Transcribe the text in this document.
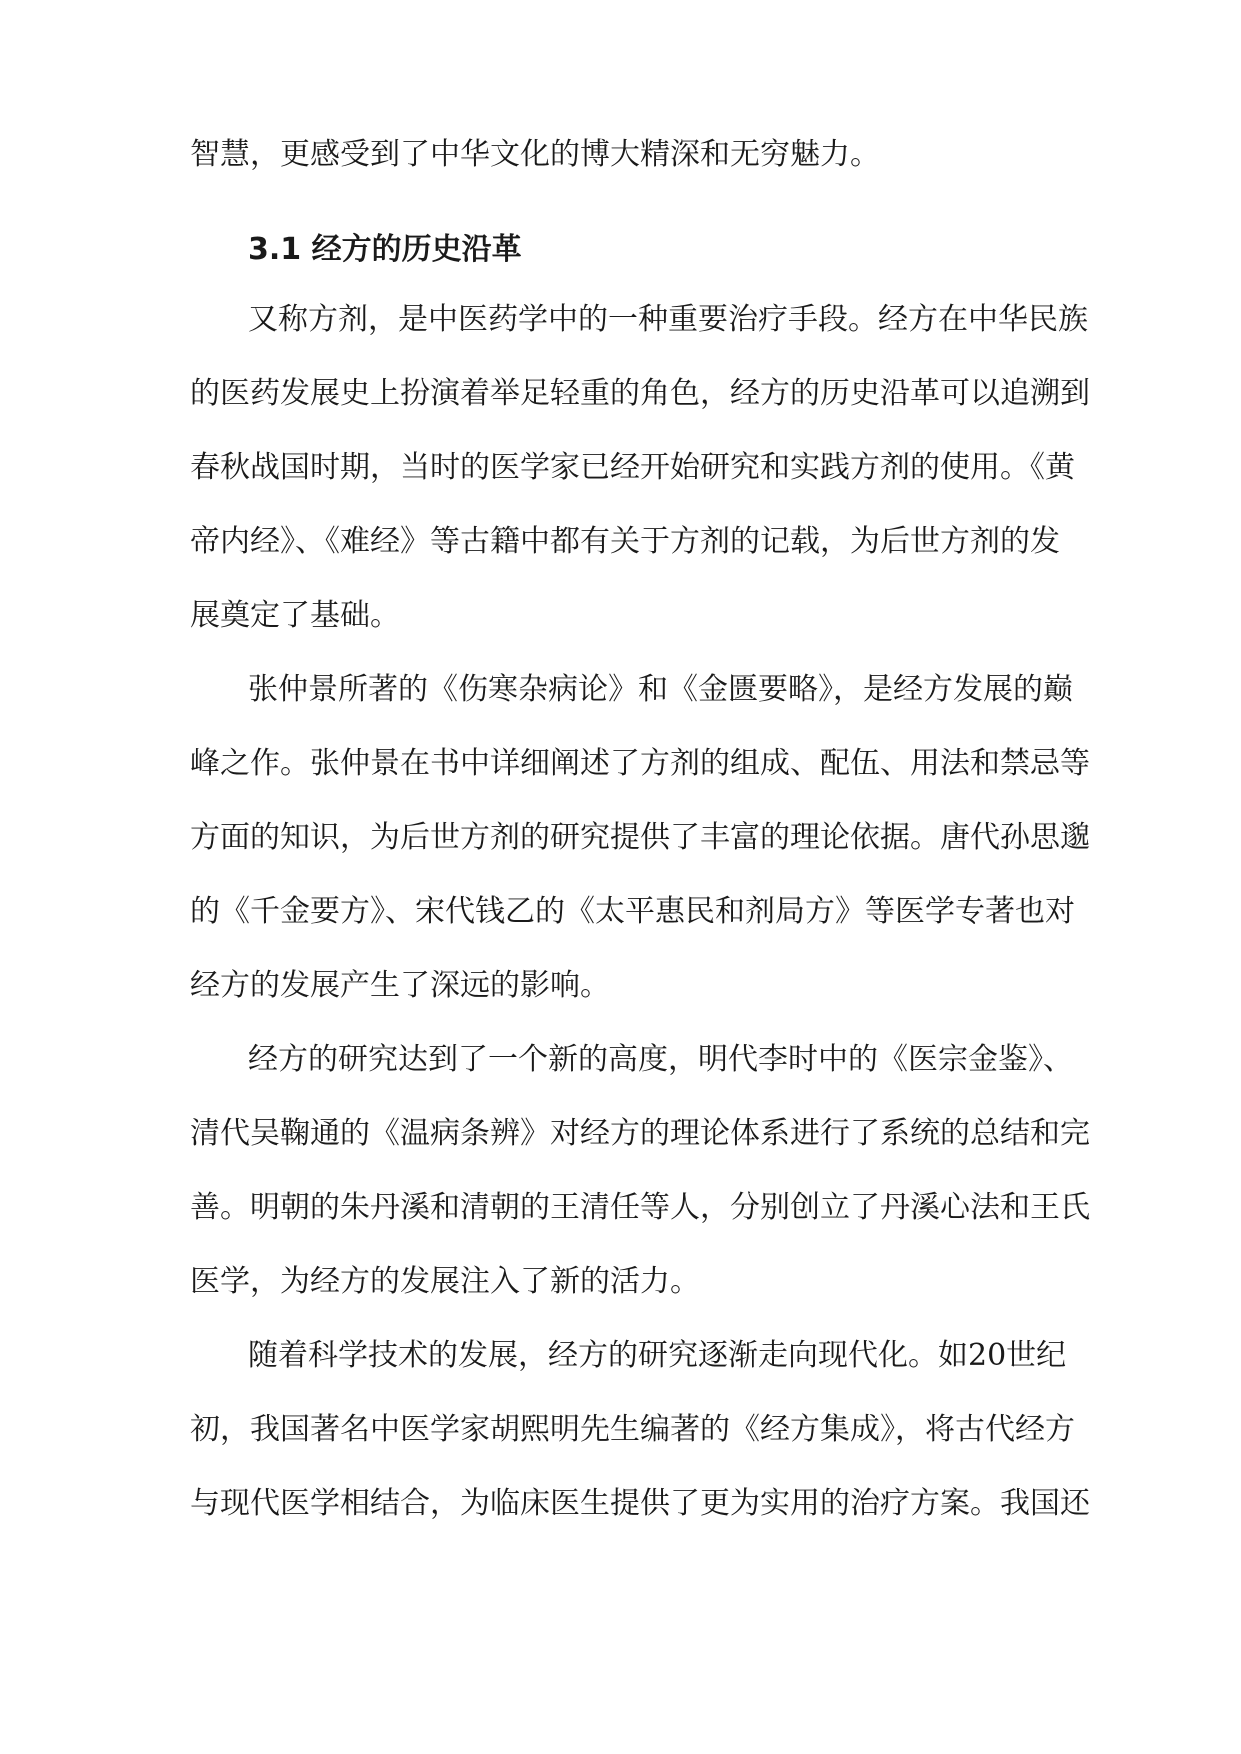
智慧，更感受到了中华文化的博大精深和无穷魅力。
3.1 经方的历史沿革
又称方剂，是中医药学中的一种重要治疗手段。经方在中华民族
的医药发展史上扮演着举足轻重的角色，经方的历史沿革可以追溯到
春秋战国时期，当时的医学家已经开始研究和实践方剂的使用。《黄
帝内经》、《难经》等古籍中都有关于方剂的记载，为后世方剂的发
展奠定了基础。
张仲景所著的《伤寒杂病论》和《金匮要略》，是经方发展的巅
峰之作。张仲景在书中详细阐述了方剂的组成、配伍、用法和禁忌等
方面的知识，为后世方剂的研究提供了丰富的理论依据。唐代孙思邈
的《千金要方》、宋代钱乙的《太平惠民和剂局方》等医学专著也对
经方的发展产生了深远的影响。
经方的研究达到了一个新的高度，明代李时中的《医宗金鉴》、
清代吴鞠通的《温病条辨》对经方的理论体系进行了系统的总结和完
善。明朝的朱丹溪和清朝的王清任等人，分别创立了丹溪心法和王氏
医学，为经方的发展注入了新的活力。
随着科学技术的发展，经方的研究逐渐走向现代化。如20世纪
初，我国著名中医学家胡熙明先生编著的《经方集成》，将古代经方
与现代医学相结合，为临床医生提供了更为实用的治疗方案。我国还
